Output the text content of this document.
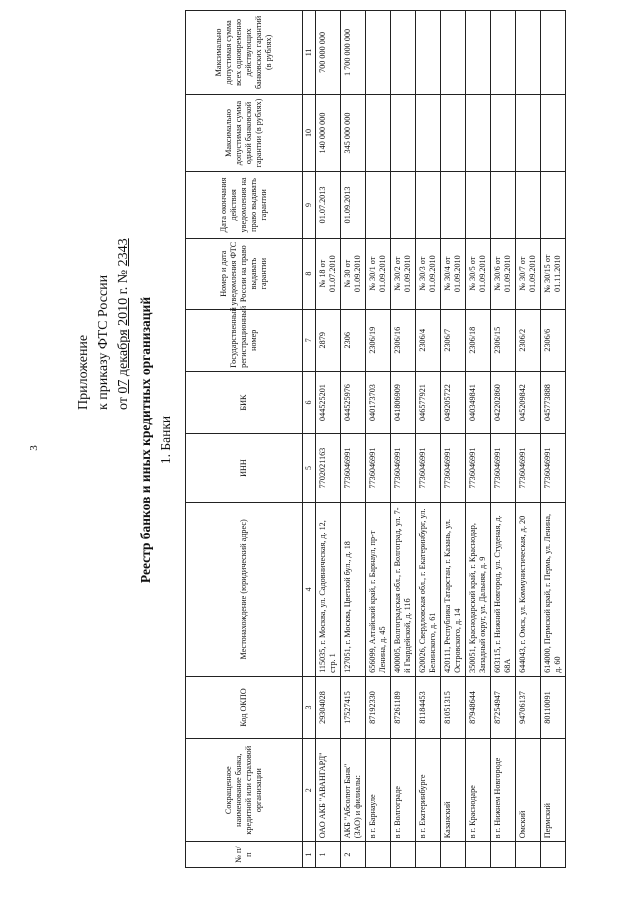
3
Приложение к приказу ФТС России от 07 декабря 2010 г. № 2343
Реестр банков и иных кредитных организаций 1. Банки
№ п/п	Сокращенное наименование банка, кредитной или страховой организации	Код ОКПО	Местонахождение (юридический адрес)	ИНН	БИК	Государственный регистрационный номер	Номер и дата уведомления ФТС России на право выдавать гарантии	Дата окончания действия уведомления на право выдавать гарантии	Максимально допустимая сумма одной банковской гарантии (в рублях)	Максимально допустимая сумма всех одновременно действующих банковских гарантий (в рублях)
1	2	3	4	5	6	7	8	9	10	11
1	ОАО АКБ "АВАНГАРД"	29304028	115035, г. Москва, ул. Садовническая, д. 12, стр. 1	7702021163	044525201	2879	№ 18 от 01.07.2010	01.07.2013	140 000 000	700 000 000
2	АКБ "Абсолют Банк" (ЗАО) и филиалы:	17527415	127051, г. Москва, Цветной бул., д. 18	7736046991	044525976	2306	№ 30 от 01.09.2010	01.09.2013	345 000 000	1 700 000 000
	в г. Барнауле	87192330	656099, Алтайский край, г. Барнаул, пр-т Ленина, д. 45	7736046991	040173703	2306/19	№ 30/1 от 01.09.2010			
	в г. Волгограде	87261189	400005, Волгоградская обл., г. Волгоград, ул. 7-й Гвардейской, д. 11б	7736046991	041806909	2306/16	№ 30/2 от 01.09.2010			
	в г. Екатеринбурге	81184453	620026, Свердловская обл., г. Екатеринбург, ул. Белинского, д. 61	7736046991	046577921	2306/4	№ 30/3 от 01.09.2010			
	Казанский	81051315	420111, Республика Татарстан, г. Казань, ул. Островского, д. 14	7736046991	049205722	2306/7	№ 30/4 от 01.09.2010			
	в г. Краснодаре	87948644	350051, Краснодарский край, г. Краснодар, Западный округ, ул. Дальняя, д. 9	7736046991	040349841	2306/18	№ 30/5 от 01.09.2010			
	в г. Нижнем Новгороде	87254947	603115, г. Нижний Новгород, ул. Студеная, д. 68А	7736046991	042202860	2306/15	№ 30/6 от 01.09.2010			
	Омский	94706137	644043, г. Омск, ул. Коммунистическая, д. 20	7736046991	045209842	2306/2	№ 30/7 от 01.09.2010			
	Пермский	80110091	614000, Пермский край, г. Пермь, ул. Ленина, д. 60	7736046991	045773888	2306/6	№ 30/15 от 01.11.2010			
